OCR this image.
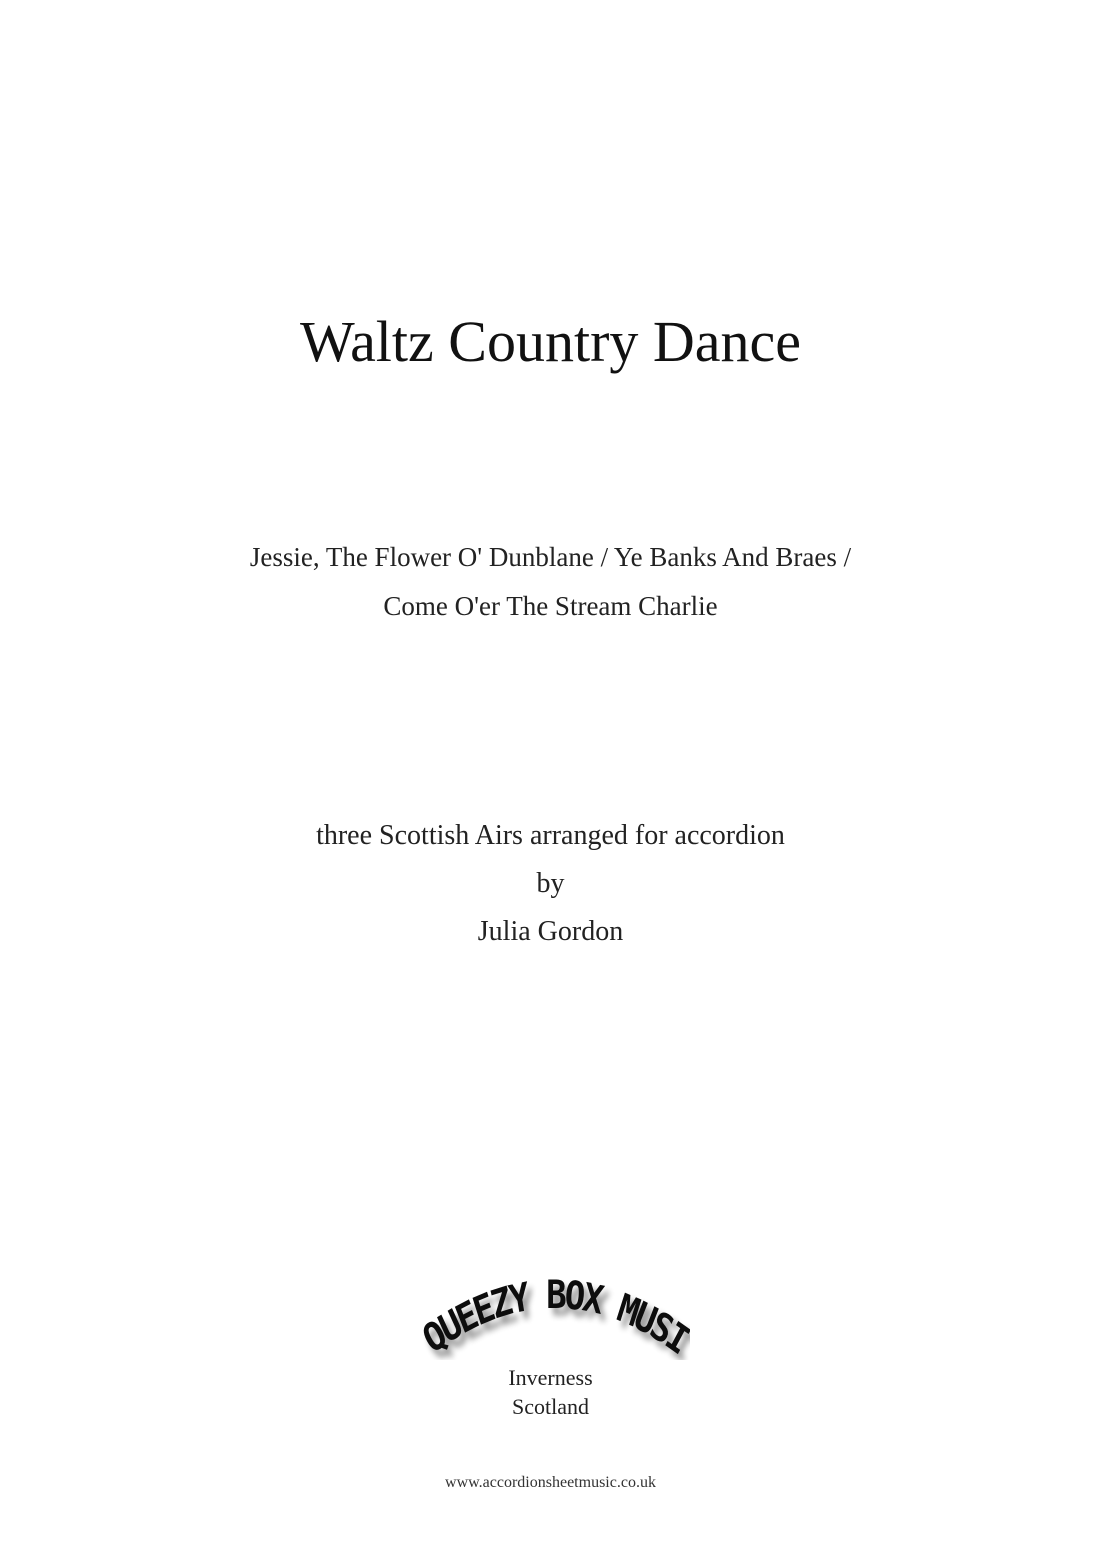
Waltz Country Dance
Jessie, The Flower O' Dunblane / Ye Banks And Braes /
Come O'er The Stream Charlie
three Scottish Airs arranged for accordion
by
Julia Gordon
UEEZY BOX MUS
Inverness
Scotland
www.accordionsheetmusic.co.uk
